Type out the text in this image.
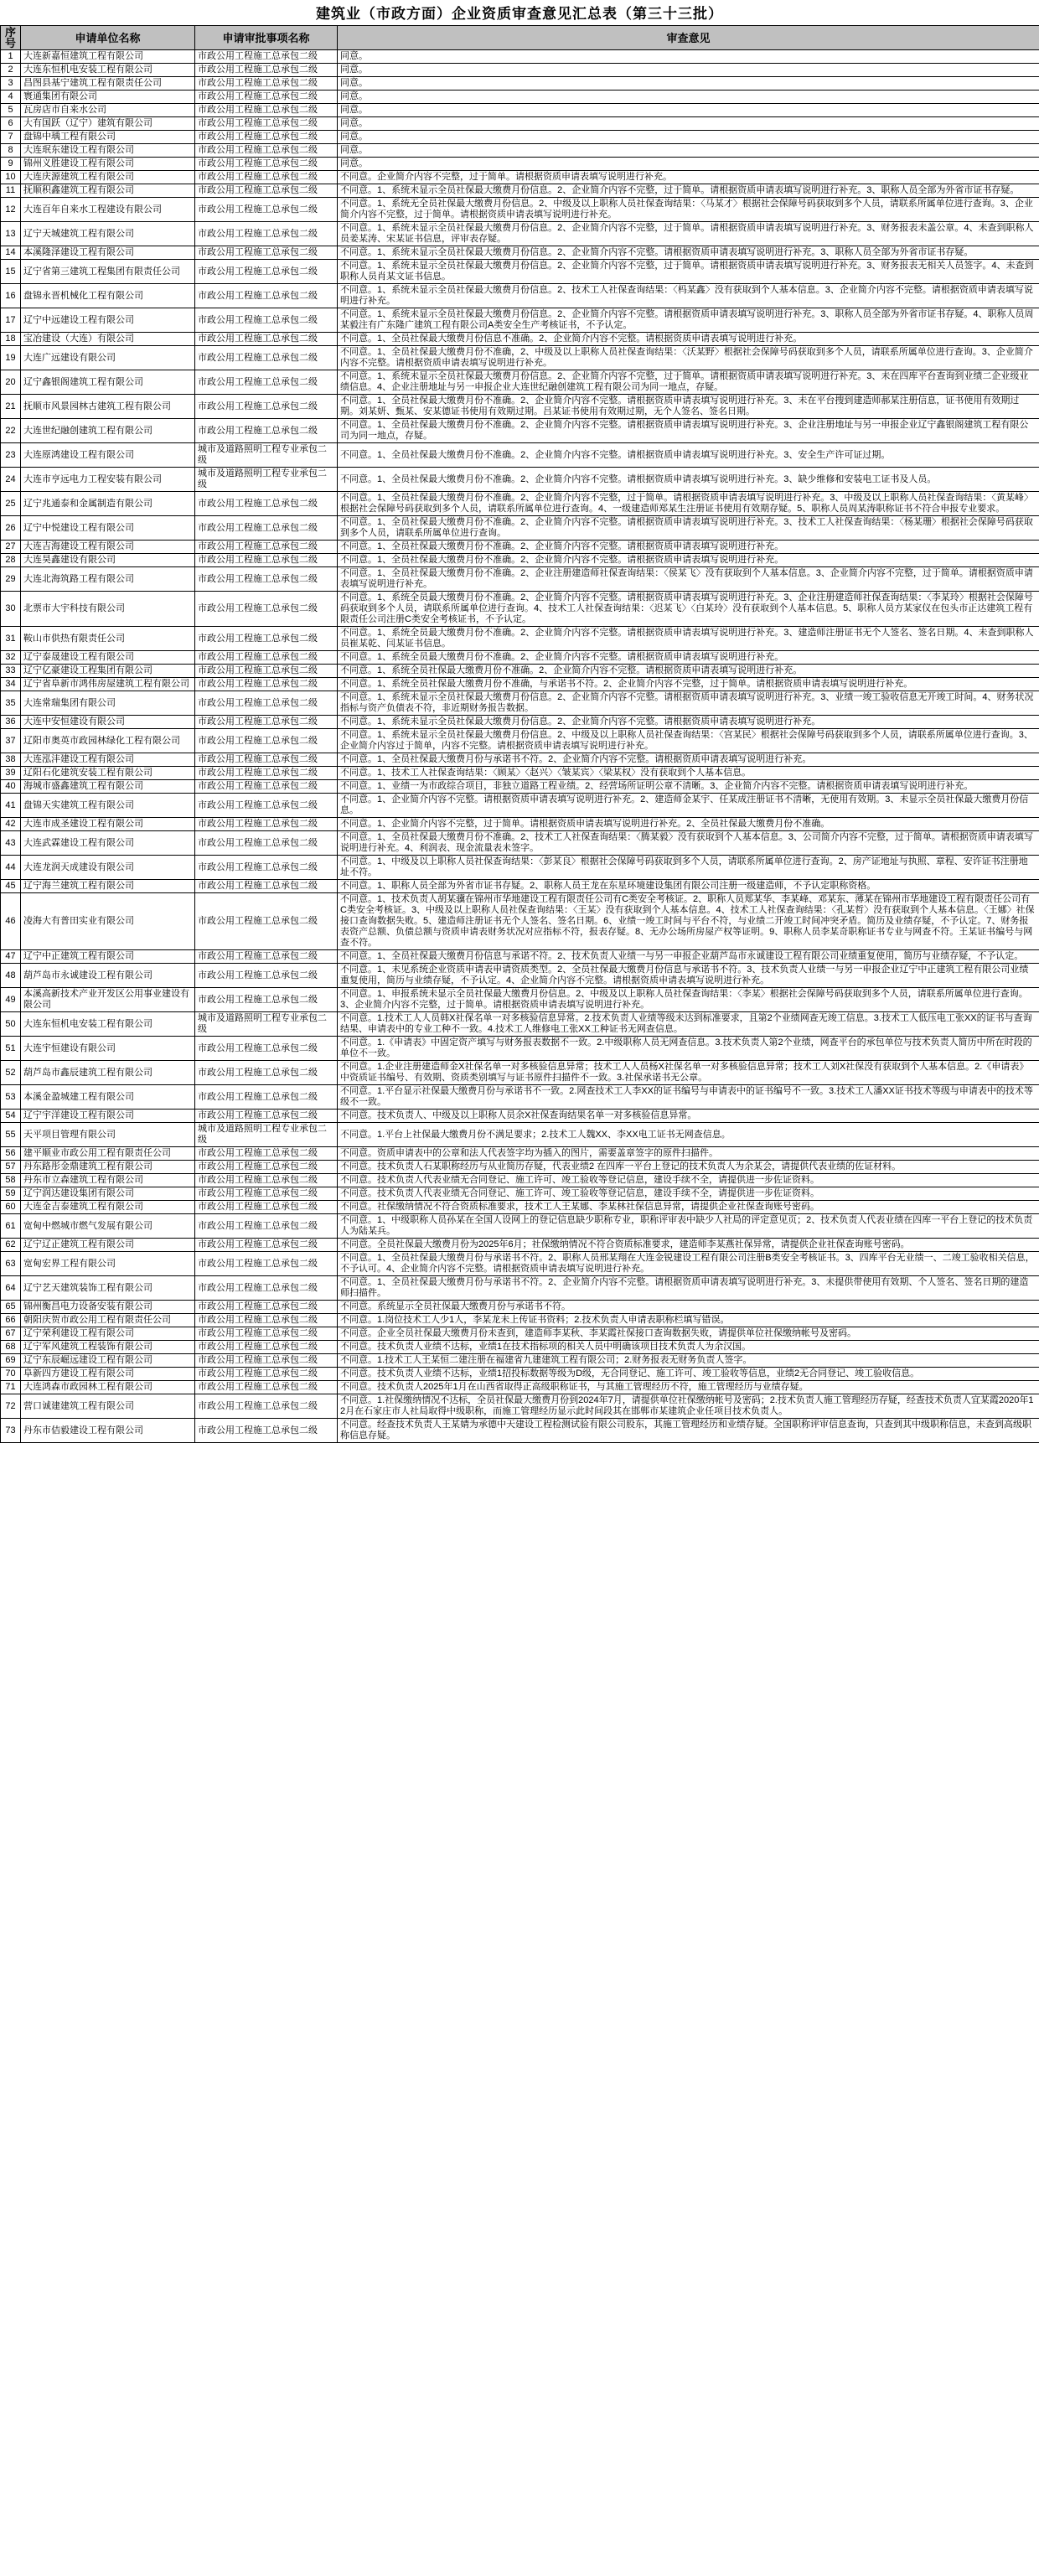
建筑业（市政方面）企业资质审查意见汇总表（第三十三批）
序号	申请单位名称	申请审批事项名称	审查意见
1	大连新嘉恒建筑工程有限公司	市政公用工程施工总承包二级	同意。
2	大连东恒机电安装工程有限公司	市政公用工程施工总承包二级	同意。
3	昌图县基宁建筑工程有限责任公司	市政公用工程施工总承包二级	同意。
4	寰通集团有限公司	市政公用工程施工总承包二级	同意。
5	瓦房店市自来水公司	市政公用工程施工总承包二级	同意。
6	大有国跃（辽宁）建筑有限公司	市政公用工程施工总承包二级	同意。
7	盘锦中瑀工程有限公司	市政公用工程施工总承包二级	同意。
8	大连珉东建设工程有限公司	市政公用工程施工总承包二级	同意。
9	锦州义胜建设工程有限公司	市政公用工程施工总承包二级	同意。
10	大连庆源建筑工程有限公司	市政公用工程施工总承包二级	不同意。企业简介内容不完整，过于简单。请根据资质申请表填写说明进行补充。
11	抚顺积鑫建筑工程有限公司	市政公用工程施工总承包二级	不同意。1、系统未显示全员社保最大缴费月份信息。2、企业简介内容不完整，过于简单。请根据资质申请表填写说明进行补充。3、职称人员全部为外省市证书存疑。
12	大连百年自来水工程建设有限公司	市政公用工程施工总承包二级	不同意。1、系统无全员社保最大缴费月份信息。2、中级及以上职称人员社保查询结果：〈马某才〉根据社会保障号码获取到多个人员，请联系所属单位进行查询。3、企业简介内容不完整，过于简单。请根据资质申请表填写说明进行补充。
13	辽宁天城建筑工程有限公司	市政公用工程施工总承包二级	不同意。1、系统未显示全员社保最大缴费月份信息。2、企业简介内容不完整，过于简单。请根据资质申请表填写说明进行补充。3、财务报表未盖公章。4、未查到职称人员姜某涛、宋某证书信息，评审表存疑。
14	本溪隆泽建设工程有限公司	市政公用工程施工总承包二级	不同意。1、系统未显示全员社保最大缴费月份信息。2、企业简介内容不完整。请根据资质申请表填写说明进行补充。3、职称人员全部为外省市证书存疑。
15	辽宁省第三建筑工程集团有限责任公司	市政公用工程施工总承包二级	不同意。1、系统未显示全员社保最大缴费月份信息。2、企业简介内容不完整，过于简单。请根据资质申请表填写说明进行补充。3、财务报表无相关人员签字。4、未查到职称人员肖某文证书信息。
16	盘锦永晋机械化工程有限公司	市政公用工程施工总承包二级	不同意。1、系统未显示全员社保最大缴费月份信息。2、技术工人社保查询结果：〈杩某鑫〉没有获取到个人基本信息。3、企业简介内容不完整。请根据资质申请表填写说明进行补充。
17	辽宁中远建设工程有限公司	市政公用工程施工总承包二级	不同意。1、系统未显示全员社保最大缴费月份信息。2、企业简介内容不完整。请根据资质申请表填写说明进行补充。3、职称人员全部为外省市证书存疑。4、职称人员周某毅注有广东隆广建筑工程有限公司A类安全生产考核证书，不予认定。
18	宝冶建设（大连）有限公司	市政公用工程施工总承包二级	不同意。1、全员社保最大缴费月份信息不准确。2、企业简介内容不完整。请根据资质申请表填写说明进行补充。
19	大连广远建设有限公司	市政公用工程施工总承包二级	不同意。1、全员社保最大缴费月份不准确，2、中级及以上职称人员社保查询结果：〈沃某野〉根据社会保障号码获取到多个人员，请联系所属单位进行查询。3、企业简介内容不完整。请根据资质申请表填写说明进行补充。
20	辽宁鑫银阁建筑工程有限公司	市政公用工程施工总承包二级	不同意。1、系统未显示全员社保最大缴费月份信息。2、企业简介内容不完整，过于简单。请根据资质申请表填写说明进行补充。3、未在四库平台查询到业绩二企业级业绩信息。4、企业注册地址与另一申报企业大连世纪融创建筑工程有限公司为同一地点，存疑。
21	抚顺市风景园林古建筑工程有限公司	市政公用工程施工总承包二级	不同意。1、全员社保最大缴费月份不准确。2、企业简介内容不完整。请根据资质申请表填写说明进行补充。3、未在平台搜到建造师郝某注册信息，证书使用有效期过期。刘某妍、甄某、安某德证书使用有效期过期。吕某证书使用有效期过期，无个人签名、签名日期。
22	大连世纪融创建筑工程有限公司	市政公用工程施工总承包二级	不同意。1、全员社保最大缴费月份不准确。2、企业简介内容不完整。请根据资质申请表填写说明进行补充。3、企业注册地址与另一申报企业辽宁鑫银阁建筑工程有限公司为同一地点，存疑。
23	大连原鸿建设工程有限公司	城市及道路照明工程专业承包二级	不同意。1、全员社保最大缴费月份不准确。2、企业简介内容不完整。请根据资质申请表填写说明进行补充。3、安全生产许可证过期。
24	大连市亨远电力工程安装有限公司	城市及道路照明工程专业承包二级	不同意。1、全员社保最大缴费月份不准确。2、企业简介内容不完整。请根据资质申请表填写说明进行补充。3、缺少维修和安装电工证书及人员。
25	辽宁兆通泰和金属制造有限公司	市政公用工程施工总承包二级	不同意。1、全员社保最大缴费月份不准确。2、企业简介内容不完整，过于简单。请根据资质申请表填写说明进行补充。3、中级及以上职称人员社保查询结果：〈黄某峰〉根据社会保障号码获取到多个人员，请联系所属单位进行查询。4、一级建造师郑某生注册证书使用有效期存疑。5、职称人员周某涛职称证书不符合申报专业要求。
26	辽宁中悦建设工程有限公司	市政公用工程施工总承包二级	不同意。1、全员社保最大缴费月份不准确。2、企业简介内容不完整。请根据资质申请表填写说明进行补充。3、技术工人社保查询结果：〈杨某珊〉根据社会保障号码获取到多个人员，请联系所属单位进行查询。
27	大连吉海建设工程有限公司	市政公用工程施工总承包二级	不同意。1、全员社保最大缴费月份不准确。2、企业简介内容不完整。请根据资质申请表填写说明进行补充。
28	大连昊鑫建设有限公司	市政公用工程施工总承包二级	不同意。1、全员社保最大缴费月份不准确。2、企业简介内容不完整。请根据资质申请表填写说明进行补充。
29	大连北海筑路工程有限公司	市政公用工程施工总承包二级	不同意。1、全员社保最大缴费月份不准确。2、企业注册建造师社保查询结果：〈侯某飞〉没有获取到个人基本信息。3、企业简介内容不完整，过于简单。请根据资质申请表填写说明进行补充。
30	北票市大宇科技有限公司	市政公用工程施工总承包二级	不同意。1、系统全员最大缴费月份不准确。2、企业简介内容不完整。请根据资质申请表填写说明进行补充。3、企业注册建造师社保查询结果：〈李某玲〉根据社会保障号码获取到多个人员，请联系所属单位进行查询。4、技术工人社保查询结果：〈迟某飞〉〈白某玲〉没有获取到个人基本信息。5、职称人员方某家仪在包头市正达建筑工程有限责任公司注册C类安全考核证书，不予认定。
31	鞍山市供热有限责任公司	市政公用工程施工总承包二级	不同意。1、系统全员最大缴费月份不准确。2、企业简介内容不完整。请根据资质申请表填写说明进行补充。3、建造师注册证书无个人签名、签名日期。4、未查到职称人员崔某乾、闫某证书信息。
32	辽宁泰晟建设工程有限公司	市政公用工程施工总承包二级	不同意。1、系统全员最大缴费月份不准确。2、企业简介内容不完整。请根据资质申请表填写说明进行补充。
33	辽宁亿豪建设工程集团有限公司	市政公用工程施工总承包二级	不同意。1、系统全员社保最大缴费月份不准确。2、企业简介内容不完整。请根据资质申请表填写说明进行补充。
34	辽宁省阜新市鸿伟房屋建筑工程有限公司	市政公用工程施工总承包二级	不同意。1、系统全员社保最大缴费月份不准确，与承诺书不符。2、企业简介内容不完整，过于简单。请根据资质申请表填写说明进行补充。
35	大连常瑞集团有限公司	市政公用工程施工总承包二级	不同意。1、系统未显示全员社保最大缴费月份信息。2、企业简介内容不完整。请根据资质申请表填写说明进行补充。3、业绩一竣工验收信息无开竣工时间。4、财务状况指标与资产负债表不符，非近期财务报告数据。
36	大连中安恒建设有限公司	市政公用工程施工总承包二级	不同意。1、系统未显示全员社保最大缴费月份信息。2、企业简介内容不完整。请根据资质申请表填写说明进行补充。
37	辽阳市奥英市政园林绿化工程有限公司	市政公用工程施工总承包二级	不同意。1、系统未显示全员社保最大缴费月份信息。2、中级及以上职称人员社保查询结果：〈宫某民〉根据社会保障号码获取到多个人员，请联系所属单位进行查询。3、企业简介内容过于简单，内容不完整。请根据资质申请表填写说明进行补充。
38	大连泓沣建设工程有限公司	市政公用工程施工总承包二级	不同意。1、全员社保最大缴费月份与承诺书不符。2、企业简介内容不完整。请根据资质申请表填写说明进行补充。
39	辽阳石化建筑安装工程有限公司	市政公用工程施工总承包二级	不同意。1、技术工人社保查询结果：〈顾某〉〈赵兴〉〈皱某宾〉〈梁某权〉没有获取到个人基本信息。
40	海城市盛鑫建筑工程有限公司	市政公用工程施工总承包二级	不同意。1、业绩一为市政综合项目，非独立道路工程业绩。2、经营场所证明公章不清晰。3、企业简介内容不完整。请根据资质申请表填写说明进行补充。
41	盘锦天实建筑工程有限公司	市政公用工程施工总承包二级	不同意。1、企业简介内容不完整。请根据资质申请表填写说明进行补充。2、建造师金某宇、任某成注册证书不清晰，无使用有效期。3、未显示全员社保最大缴费月份信息。
42	大连市成圣建设工程有限公司	市政公用工程施工总承包二级	不同意。1、企业简介内容不完整，过于简单。请根据资质申请表填写说明进行补充。2、全员社保最大缴费月份不准确。
43	大连武霖建设工程有限公司	市政公用工程施工总承包二级	不同意。1、全员社保最大缴费月份不准确。2、技术工人社保查询结果：〈腾某毅〉没有获取到个人基本信息。3、公司简介内容不完整，过于简单。请根据资质申请表填写说明进行补充。4、利润表、现金流量表未签字。
44	大连龙润天成建设有限公司	市政公用工程施工总承包二级	不同意。1、中级及以上职称人员社保查询结果：〈彭某良〉根据社会保障号码获取到多个人员，请联系所属单位进行查询。2、房产证地址与执照、章程、安许证书注册地址不符。
45	辽宁海兰建筑工程有限公司	市政公用工程施工总承包二级	不同意。1、职称人员全部为外省市证书存疑。2、职称人员王龙在东星环境建设集团有限公司注册一级建造师，不予认定职称资格。
46	凌海大有普田实业有限公司	市政公用工程施工总承包二级	不同意。1、技术负责人胡某骥在锦州市华地建设工程有限责任公司有C类安全考核证。2、职称人员郑某华、李某峰、邓某东、薄某在锦州市华地建设工程有限责任公司有C类安全考核证。3、中级及以上职称人员社保查询结果：〈王某〉没有获取到个人基本信息。4、技术工人社保查询结果：〈孔某哲〉没有获取到个人基本信息。〈王娜〉社保接口查询数据失败。5、建造师注册证书无个人签名、签名日期。6、业绩一竣工时间与平台不符，与业绩二开竣工时间冲突矛盾。简历及业绩存疑，不予认定。7、财务报表资产总额、负债总额与资质申请表财务状况对应指标不符，报表存疑。8、无办公场所房屋产权等证明。9、职称人员李某奇职称证书专业与网查不符。王某证书编号与网查不符。
47	辽宁中正建筑工程有限公司	市政公用工程施工总承包二级	不同意。1、全员社保最大缴费月份信息与承诺不符。2、技术负责人业绩一与另一申报企业葫芦岛市永诚建设工程有限公司业绩重复使用，简历与业绩存疑，不予认定。
48	葫芦岛市永诚建设工程有限公司	市政公用工程施工总承包二级	不同意。1、未见系统企业资质申请表申请资质类型。2、全员社保最大缴费月份信息与承诺书不符。3、技术负责人业绩一与另一申报企业辽宁中正建筑工程有限公司业绩重复使用，简历与业绩存疑，不予认定。4、企业简介内容不完整。请根据资质申请表填写说明进行补充。
49	本溪高新技术产业开发区公用事业建设有限公司	市政公用工程施工总承包二级	不同意。1、申报系统未显示全员社保最大缴费月份信息。2、中级及以上职称人员社保查询结果：〈李某〉根据社会保障号码获取到多个人员，请联系所属单位进行查询。3、企业简介内容不完整，过于简单。请根据资质申请表填写说明进行补充。
50	大连东恒机电安装工程有限公司	城市及道路照明工程专业承包二级	不同意。1.技术工人人员韩X社保名单一对多核验信息异常。2.技术负责人业绩等级未达到标准要求，且第2个业绩网查无竣工信息。3.技术工人低压电工张XX的证书与查询结果、申请表中的专业工种不一致。4.技术工人维修电工张XX工种证书无网查信息。
51	大连宇恒建设有限公司	市政公用工程施工总承包二级	不同意。1.《申请表》中固定资产填写与财务报表数据不一致。2.中级职称人员无网查信息。3.技术负责人第2个业绩，网查平台的承包单位与技术负责人简历中所在时段的单位不一致。
52	葫芦岛市鑫辰建筑工程有限公司	市政公用工程施工总承包二级	不同意。1.企业注册建造师金X社保名单一对多核验信息异常；技术工人人员杨X社保名单一对多核验信息异常；技术工人刘X社保没有获取到个人基本信息。2.《申请表》中资质证书编号、有效期、资质类别填写与证书原件扫描件不一致。3.社保承诺书无公章。
53	本溪金盈城建工程有限公司	市政公用工程施工总承包二级	不同意。1.平台显示社保最大缴费月份与承诺书不一致。2.网查技术工人李XX的证书编号与申请表中的证书编号不一致。3.技术工人潘XX证书技术等级与申请表中的技术等级不一致。
54	辽宁宇洋建设工程有限公司	市政公用工程施工总承包二级	不同意。技术负责人、中级及以上职称人员余X社保查询结果名单一对多核验信息异常。
55	天平项目管理有限公司	城市及道路照明工程专业承包二级	不同意。1.平台上社保最大缴费月份不满足要求；2.技术工人魏XX、李XX电工证书无网查信息。
56	建平顺业市政公用工程有限责任公司	市政公用工程施工总承包二级	不同意。资质申请表中的公章和法人代表签字均为插入的图片，需要盖章签字的原件扫描件。
57	丹东路彤金鼎建筑工程有限公司	市政公用工程施工总承包二级	不同意。技术负责人石某职称经历与从业简历存疑，代表业绩2 在四库一平台上登记的技术负责人为余某会，请提供代表业绩的佐证材料。
58	丹东市立森建筑工程有限公司	市政公用工程施工总承包二级	不同意。技术负责人代表业绩无合同登记、施工许可、竣工验收等登记信息，建设手续不全，请提供进一步佐证资料。
59	辽宁润达建设集团有限公司	市政公用工程施工总承包二级	不同意。技术负责人代表业绩无合同登记、施工许可、竣工验收等登记信息，建设手续不全，请提供进一步佐证资料。
60	大连金吉泰建筑工程有限公司	市政公用工程施工总承包二级	不同意。社保缴纳情况不符合资质标准要求，技术工人王某娜、李某林社保信息异常，请提供企业社保查询账号密码。
61	宽甸中燃城市燃气发展有限公司	市政公用工程施工总承包二级	不同意。1、中级职称人员孙某在全国人设网上的登记信息缺少职称专业，职称评审表中缺少人社局的评定意见页；2、技术负责人代表业绩在四库一平台上登记的技术负责人为陆某兵。
62	辽宁辽正建筑工程有限公司	市政公用工程施工总承包二级	不同意。全员社保最大缴费月份为2025年6月；社保缴纳情况不符合资质标准要求，建造师李某燕社保异常，请提供企业社保查询账号密码。
63	宽甸宏界工程有限公司	市政公用工程施工总承包二级	不同意。1、全员社保最大缴费月份与承诺书不符。2、职称人员邢某翔在大连金锐建设工程有限公司注册B类安全考核证书。3、四库平台无业绩一、二竣工验收相关信息，不予认可。4、企业简介内容不完整。请根据资质申请表填写说明进行补充。
64	辽宁艺天建筑装饰工程有限公司	市政公用工程施工总承包二级	不同意。1、全员社保最大缴费月份与承诺书不符。2、企业简介内容不完整。请根据资质申请表填写说明进行补充。3、未提供带使用有效期、个人签名、签名日期的建造师扫描件。
65	锦州衡昌电力设备安装有限公司	市政公用工程施工总承包二级	不同意。系统显示全员社保最大缴费月份与承诺书不符。
66	朝阳庆贺市政公用工程有限责任公司	市政公用工程施工总承包二级	不同意。1.岗位技术工人少1人，李某龙未上传证书资料；2.技术负责人申请表职称栏填写错误。
67	辽宁荣利建设工程有限公司	市政公用工程施工总承包二级	不同意。企业全员社保最大缴费月份未查到，建造师李某秋、李某霞社保接口查询数据失败，请提供单位社保缴纳帐号及密码。
68	辽宁军风建筑工程装饰有限公司	市政公用工程施工总承包二级	不同意。技术负责人业绩不达标，业绩1在技术指标项的相关人员中明确该项目技术负责人为余汉国。
69	辽宁东辰崛远建设工程有限公司	市政公用工程施工总承包二级	不同意。1.技术工人王某恒二建注册在福建省九建建筑工程有限公司；2.财务报表无财务负责人签字。
70	阜新四方建设工程有限公司	市政公用工程施工总承包二级	不同意。技术负责人业绩不达标，业绩1招投标数据等级为D级，无合同登记、施工许可、竣工验收等信息，业绩2无合同登记、竣工验收信息。
71	大连鸿森市政园林工程有限公司	市政公用工程施工总承包二级	不同意。技术负责人2025年1月在山西省取得正高级职称证书，与其施工管理经历不符，施工管理经历与业绩存疑。
72	营口诚建建筑工程有限公司	市政公用工程施工总承包二级	不同意。1.社保缴纳情况不达标，全员社保最大缴费月份到2024年7月，请提供单位社保缴纳帐号及密码；2.技术负责人施工管理经历存疑，经查技术负责人宜某霞2020年12月在石家庄市人社局取得中级职称，而施工管理经历显示此时间段其在邯郸市某建筑企业任项目技术负责人。
73	丹东市佶毅建设工程有限公司	市政公用工程施工总承包二级	不同意。经查技术负责人王某婧为承德中天建设工程检测试验有限公司股东，其施工管理经历和业绩存疑。全国职称评审信息查询，只查到其中级职称信息，未查到高级职称信息存疑。
